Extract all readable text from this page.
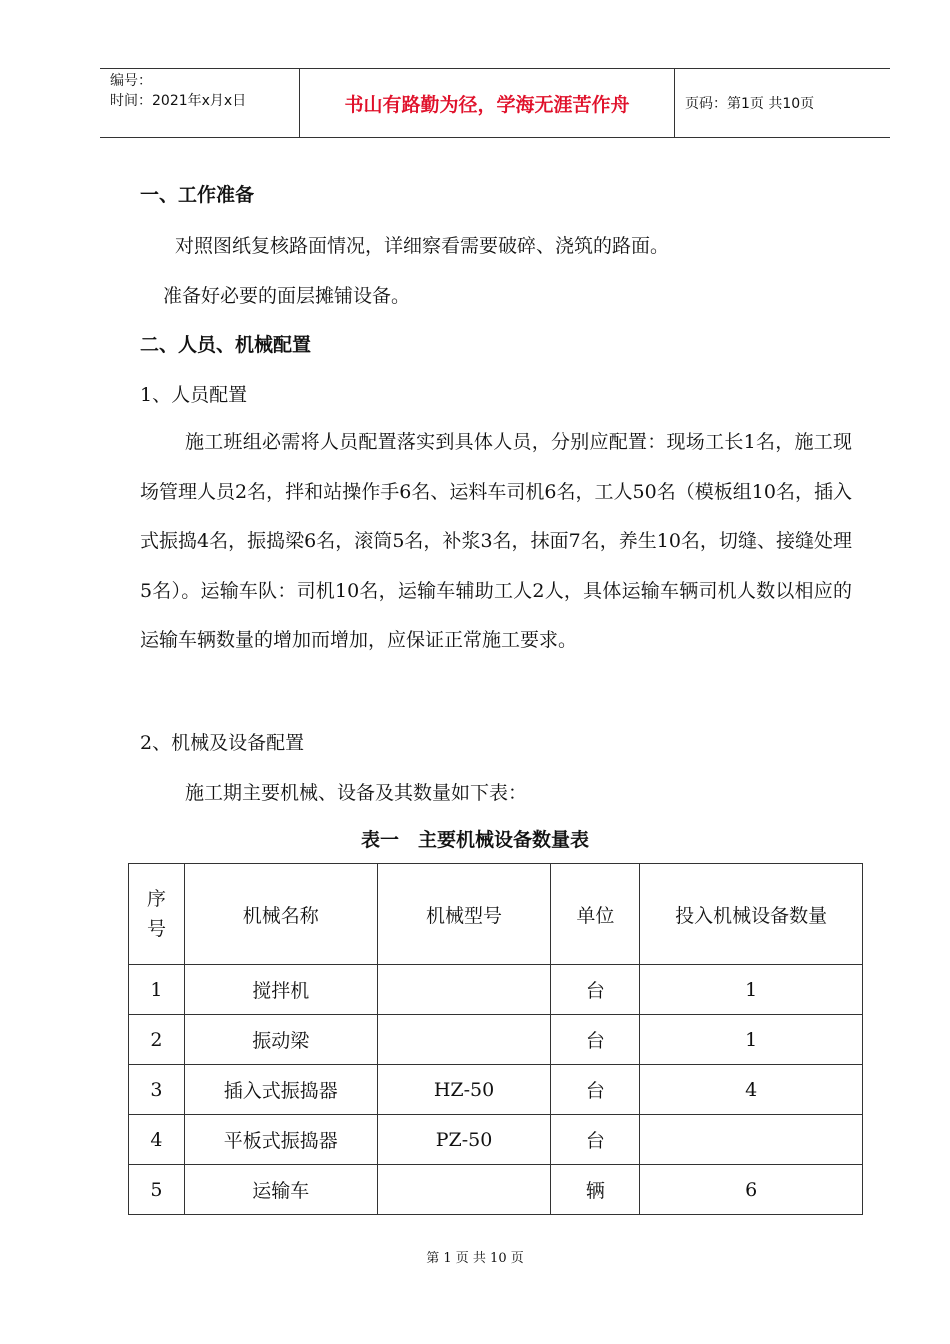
编号：
时间：2021年x月x日	书山有路勤为径，学海无涯苦作舟	页码：第1页 共10页
一、工作准备
对照图纸复核路面情况，详细察看需要破碎、浇筑的路面。
准备好必要的面层摊铺设备。
二、人员、机械配置
1、人员配置

施工班组必需将人员配置落实到具体人员，分别应配置：现场工长1名，施工现场管理人员2名，拌和站操作手6名、运料车司机6名，工人50名（模板组10名，插入式振捣4名，振捣梁6名，滚筒5名，补浆3名，抹面7名，养生10名，切缝、接缝处理5名）。运输车队：司机10名，运输车辅助工人2人，具体运输车辆司机人数以相应的运输车辆数量的增加而增加，应保证正常施工要求。

2、机械及设备配置
施工期主要机械、设备及其数量如下表：
表一　主要机械设备数量表
序号	机械名称	机械型号	单位	投入机械设备数量
1	搅拌机		台	1
2	振动梁		台	1
3	插入式振捣器	HZ-50	台	4
4	平板式振捣器	PZ-50	台	
5	运输车		辆	6
第 1 页 共 10 页
